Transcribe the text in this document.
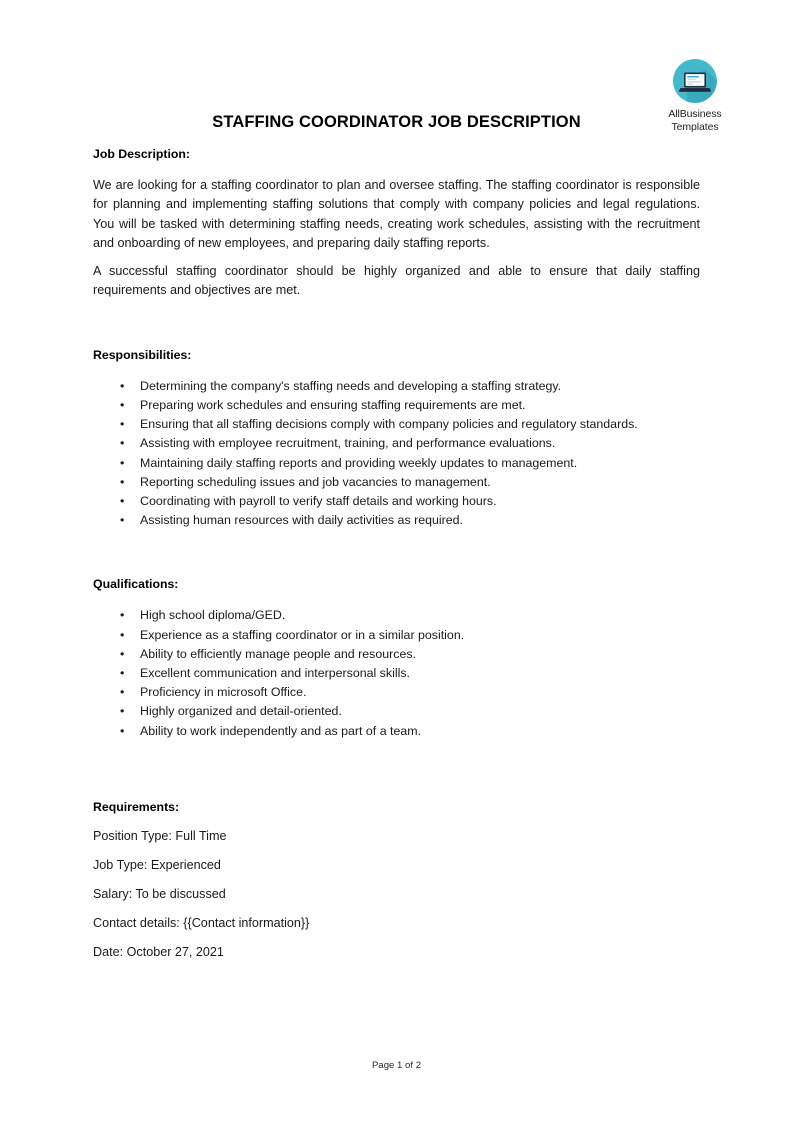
AllBusiness
Templates
STAFFING COORDINATOR JOB DESCRIPTION
Job Description:

We are looking for a staffing coordinator to plan and oversee staffing. The staffing coordinator is responsible for planning and implementing staffing solutions that comply with company policies and legal regulations. You will be tasked with determining staffing needs, creating work schedules, assisting with the recruitment and onboarding of new employees, and preparing daily staffing reports.

A successful staffing coordinator should be highly organized and able to ensure that daily staffing requirements and objectives are met.

Responsibilities:
• Determining the company's staffing needs and developing a staffing strategy.
• Preparing work schedules and ensuring staffing requirements are met.
• Ensuring that all staffing decisions comply with company policies and regulatory standards.
• Assisting with employee recruitment, training, and performance evaluations.
• Maintaining daily staffing reports and providing weekly updates to management.
• Reporting scheduling issues and job vacancies to management.
• Coordinating with payroll to verify staff details and working hours.
• Assisting human resources with daily activities as required.
Qualifications:
• High school diploma/GED.
• Experience as a staffing coordinator or in a similar position.
• Ability to efficiently manage people and resources.
• Excellent communication and interpersonal skills.
• Proficiency in microsoft Office.
• Highly organized and detail-oriented.
• Ability to work independently and as part of a team.
Requirements:

Position Type: Full Time

Job Type: Experienced

Salary: To be discussed

Contact details: {{Contact information}}

Date: October 27, 2021

Page 1 of 2
